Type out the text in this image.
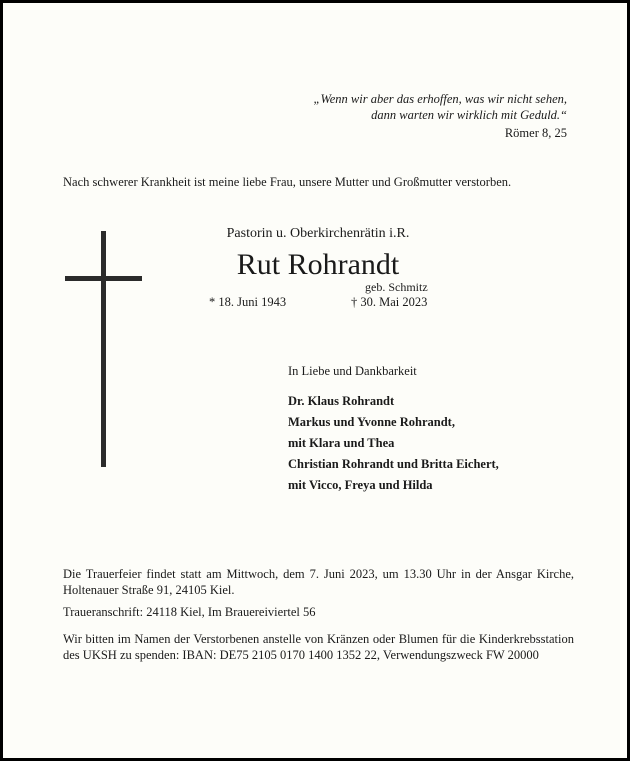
„Wenn wir aber das erhoffen, was wir nicht sehen,
dann warten wir wirklich mit Geduld.“
Römer 8, 25
Nach schwerer Krankheit ist meine liebe Frau, unsere Mutter und Großmutter verstorben.
Pastorin u. Oberkirchenrätin i.R.
Rut Rohrandt
geb. Schmitz
* 18. Juni 1943	† 30. Mai 2023
In Liebe und Dankbarkeit
Dr. Klaus Rohrandt
Markus und Yvonne Rohrandt,
mit Klara und Thea
Christian Rohrandt und Britta Eichert,
mit Vicco, Freya und Hilda
Die Trauerfeier findet statt am Mittwoch, dem 7. Juni 2023, um 13.30 Uhr in der Ansgar Kirche, Holtenauer Straße 91, 24105 Kiel.
Traueranschrift: 24118 Kiel, Im Brauereiviertel 56
Wir bitten im Namen der Verstorbenen anstelle von Kränzen oder Blumen für die Kinderkrebsstation des UKSH zu spenden: IBAN: DE75 2105 0170 1400 1352 22, Verwendungszweck FW 20000
